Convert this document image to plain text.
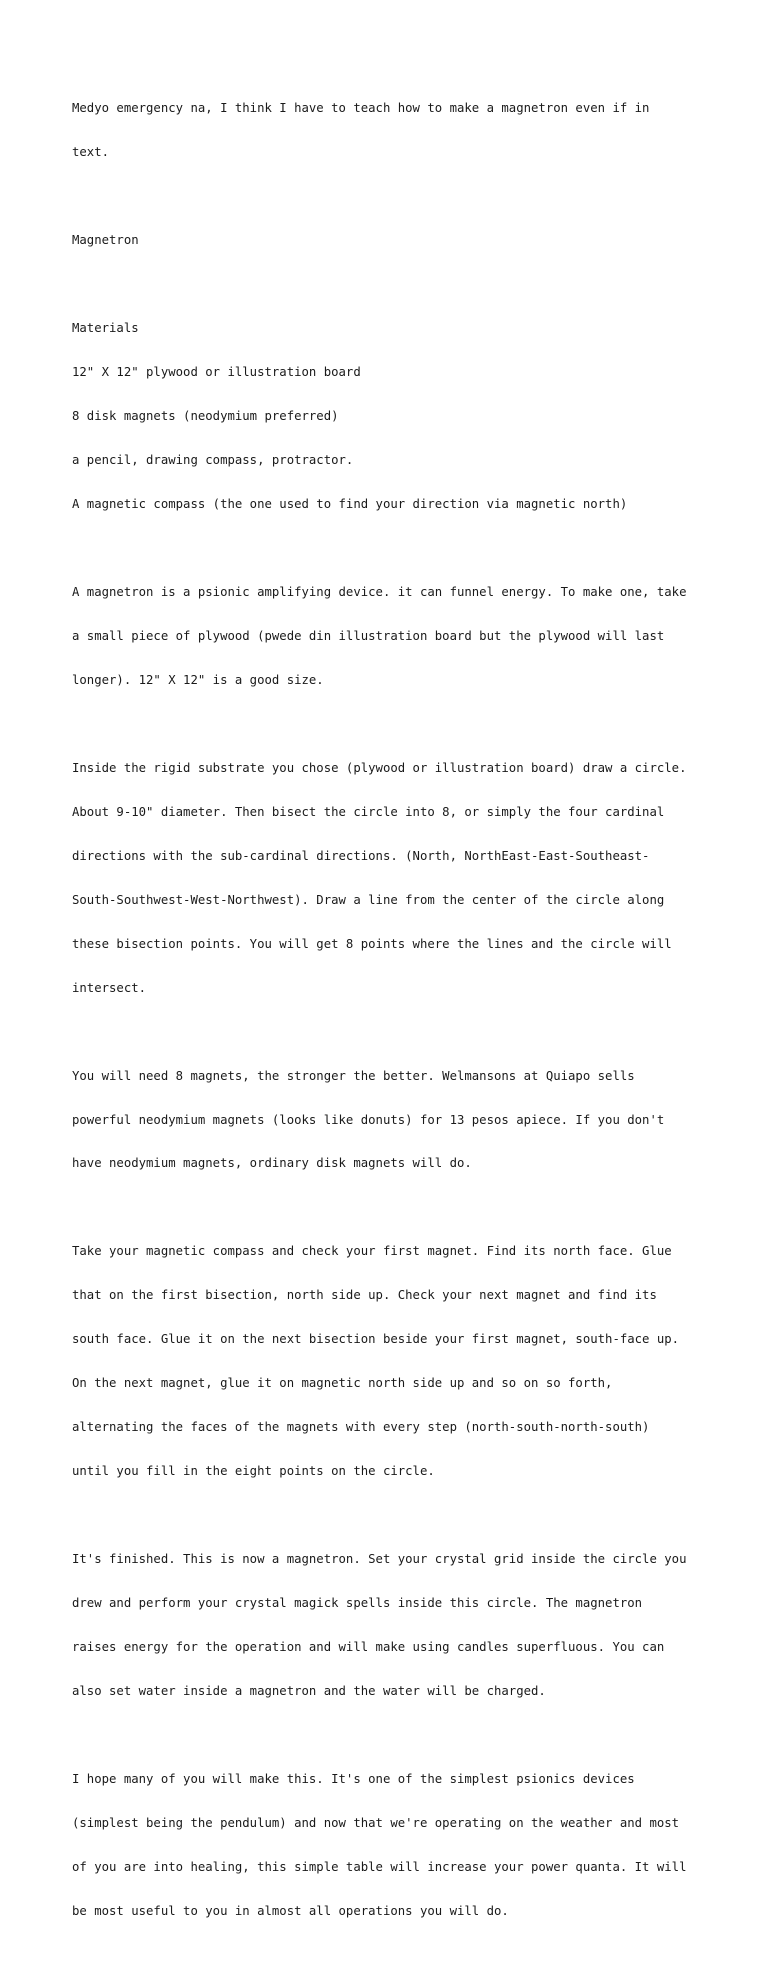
Medyo emergency na, I think I have to teach how to make a magnetron even if in

text.

Magnetron

Materials

12" X 12" plywood or illustration board

8 disk magnets (neodymium preferred)

a pencil, drawing compass, protractor.

A magnetic compass (the one used to find your direction via magnetic north)

A magnetron is a psionic amplifying device. it can funnel energy. To make one, take

a small piece of plywood (pwede din illustration board but the plywood will last

longer). 12" X 12" is a good size.

Inside the rigid substrate you chose (plywood or illustration board) draw a circle.

About 9-10" diameter. Then bisect the circle into 8, or simply the four cardinal

directions with the sub-cardinal directions. (North, NorthEast-East-Southeast-

South-Southwest-West-Northwest). Draw a line from the center of the circle along

these bisection points. You will get 8 points where the lines and the circle will

intersect.

You will need 8 magnets, the stronger the better. Welmansons at Quiapo sells

powerful neodymium magnets (looks like donuts) for 13 pesos apiece. If you don't

have neodymium magnets, ordinary disk magnets will do.

Take your magnetic compass and check your first magnet. Find its north face. Glue

that on the first bisection, north side up. Check your next magnet and find its

south face. Glue it on the next bisection beside your first magnet, south-face up.

On the next magnet, glue it on magnetic north side up and so on so forth,

alternating the faces of the magnets with every step (north-south-north-south)

until you fill in the eight points on the circle.

It's finished. This is now a magnetron. Set your crystal grid inside the circle you

drew and perform your crystal magick spells inside this circle. The magnetron

raises energy for the operation and will make using candles superfluous. You can

also set water inside a magnetron and the water will be charged.

I hope many of you will make this. It's one of the simplest psionics devices

(simplest being the pendulum) and now that we're operating on the weather and most

of you are into healing, this simple table will increase your power quanta. It will

be most useful to you in almost all operations you will do.
